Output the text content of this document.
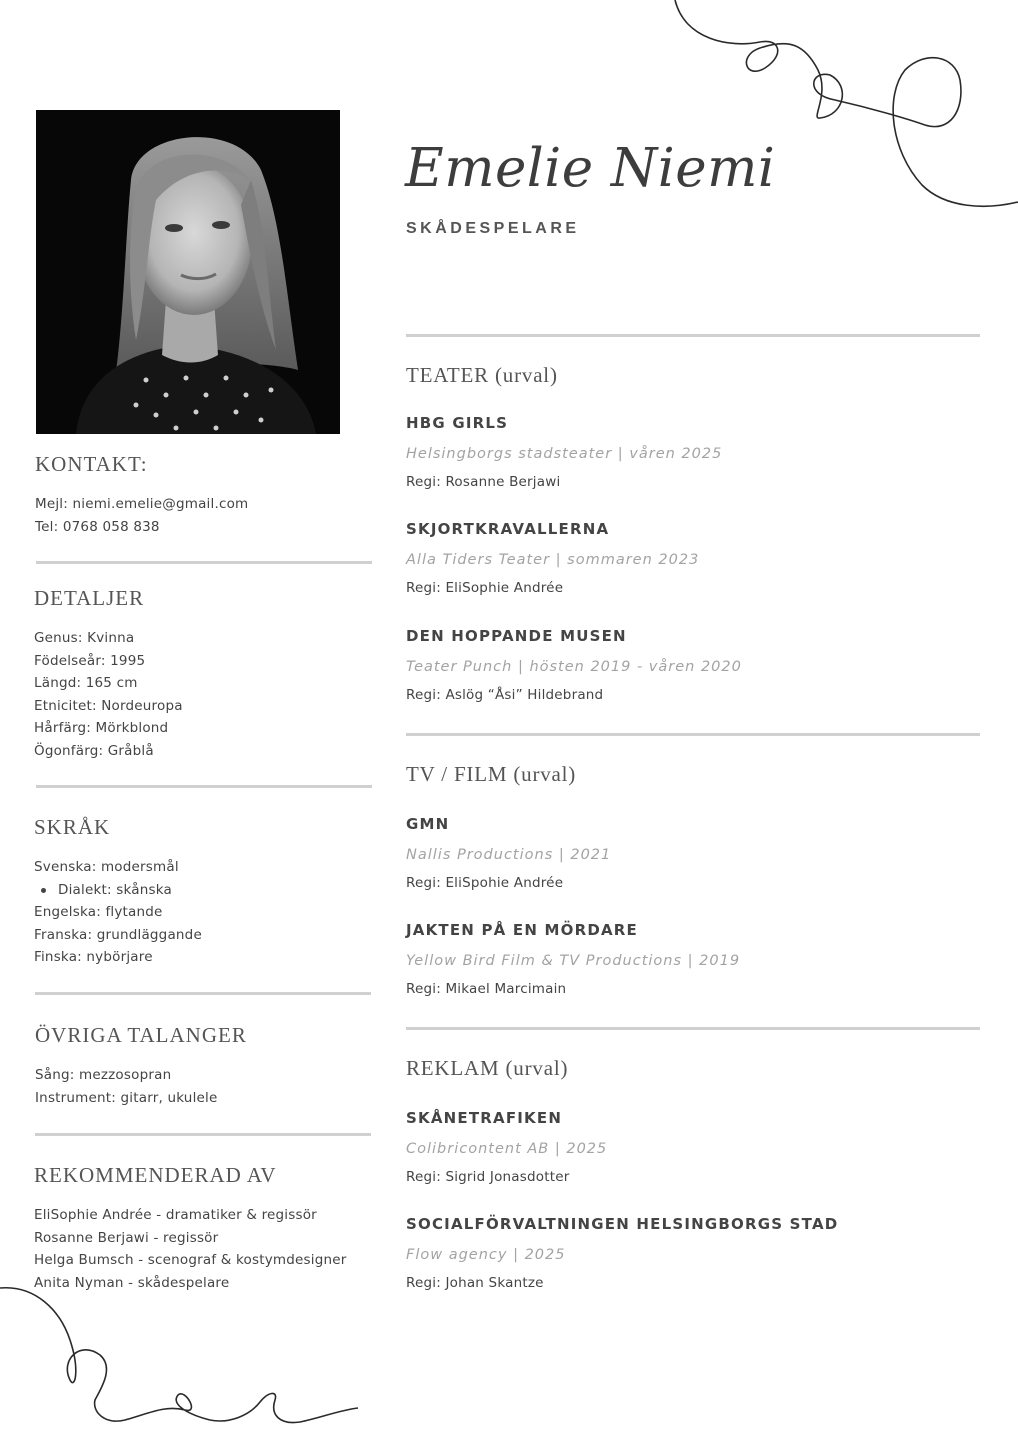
Emelie Niemi
SKÅDESPELARE
KONTAKT:
Mejl: niemi.emelie@gmail.com
Tel: 0768 058 838
DETALJER
Genus: Kvinna
Födelseår: 1995
Längd: 165 cm
Etnicitet: Nordeuropa
Hårfärg: Mörkblond
Ögonfärg: Gråblå
SKRÅK
Svenska: modersmål
Dialekt: skånska
Engelska: flytande
Franska: grundläggande
Finska: nybörjare
ÖVRIGA TALANGER
Sång: mezzosopran
Instrument: gitarr, ukulele
REKOMMENDERAD AV
EliSophie Andrée - dramatiker & regissör
Rosanne Berjawi - regissör
Helga Bumsch - scenograf & kostymdesigner
Anita Nyman - skådespelare
TEATER (urval)
HBG GIRLS
Helsingborgs stadsteater | våren 2025
Regi: Rosanne Berjawi
SKJORTKRAVALLERNA
Alla Tiders Teater | sommaren 2023
Regi: EliSophie Andrée
DEN HOPPANDE MUSEN
Teater Punch | hösten 2019 - våren 2020
Regi: Aslög “Åsi” Hildebrand
TV / FILM (urval)
GMN
Nallis Productions | 2021
Regi: EliSpohie Andrée
JAKTEN PÅ EN MÖRDARE
Yellow Bird Film & TV Productions | 2019
Regi: Mikael Marcimain
REKLAM (urval)
SKÅNETRAFIKEN
Colibricontent AB | 2025
Regi: Sigrid Jonasdotter
SOCIALFÖRVALTNINGEN HELSINGBORGS STAD
Flow agency | 2025
Regi: Johan Skantze
